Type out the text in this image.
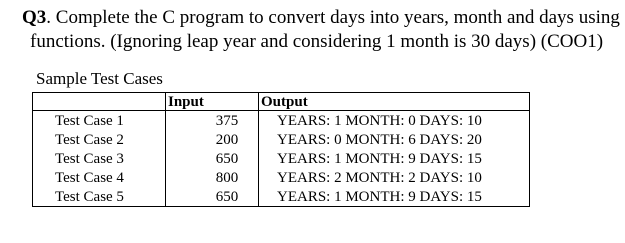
Q3. Complete the C program to convert days into years, month and days using
functions. (Ignoring leap year and considering 1 month is 30 days) (COO1)
Sample Test Cases
	Input	Output
Test Case 1	375	YEARS: 1 MONTH: 0 DAYS: 10
Test Case 2	200	YEARS: 0 MONTH: 6 DAYS: 20
Test Case 3	650	YEARS: 1 MONTH: 9 DAYS: 15
Test Case 4	800	YEARS: 2 MONTH: 2 DAYS: 10
Test Case 5	650	YEARS: 1 MONTH: 9 DAYS: 15
